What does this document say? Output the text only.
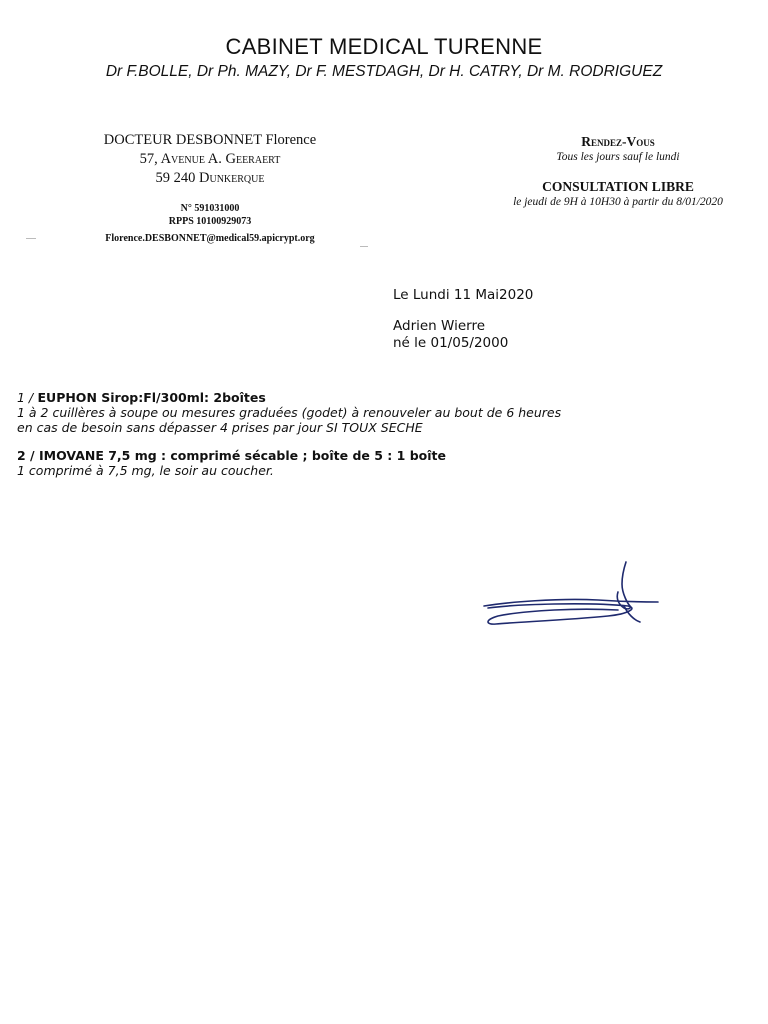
CABINET MEDICAL TURENNE
Dr F.BOLLE, Dr Ph. MAZY, Dr F. MESTDAGH, Dr H. CATRY, Dr M. RODRIGUEZ
DOCTEUR DESBONNET Florence
57, Avenue A. Geeraert
59 240 Dunkerque
N° 591031000
RPPS 10100929073
Florence.DESBONNET@medical59.apicrypt.org
Rendez-Vous
Tous les jours sauf le lundi
CONSULTATION LIBRE
le jeudi de 9H à 10H30 à partir du 8/01/2020
Le Lundi 11 Mai2020
Adrien Wierre
né le 01/05/2000
1 / EUPHON Sirop:Fl/300ml: 2boîtes
1 à 2 cuillères à soupe ou mesures graduées (godet) à renouveler au bout de 6 heures
en cas de besoin sans dépasser 4 prises par jour SI TOUX SECHE
2 / IMOVANE 7,5 mg : comprimé sécable ; boîte de 5 : 1 boîte
1 comprimé à 7,5 mg, le soir au coucher.
